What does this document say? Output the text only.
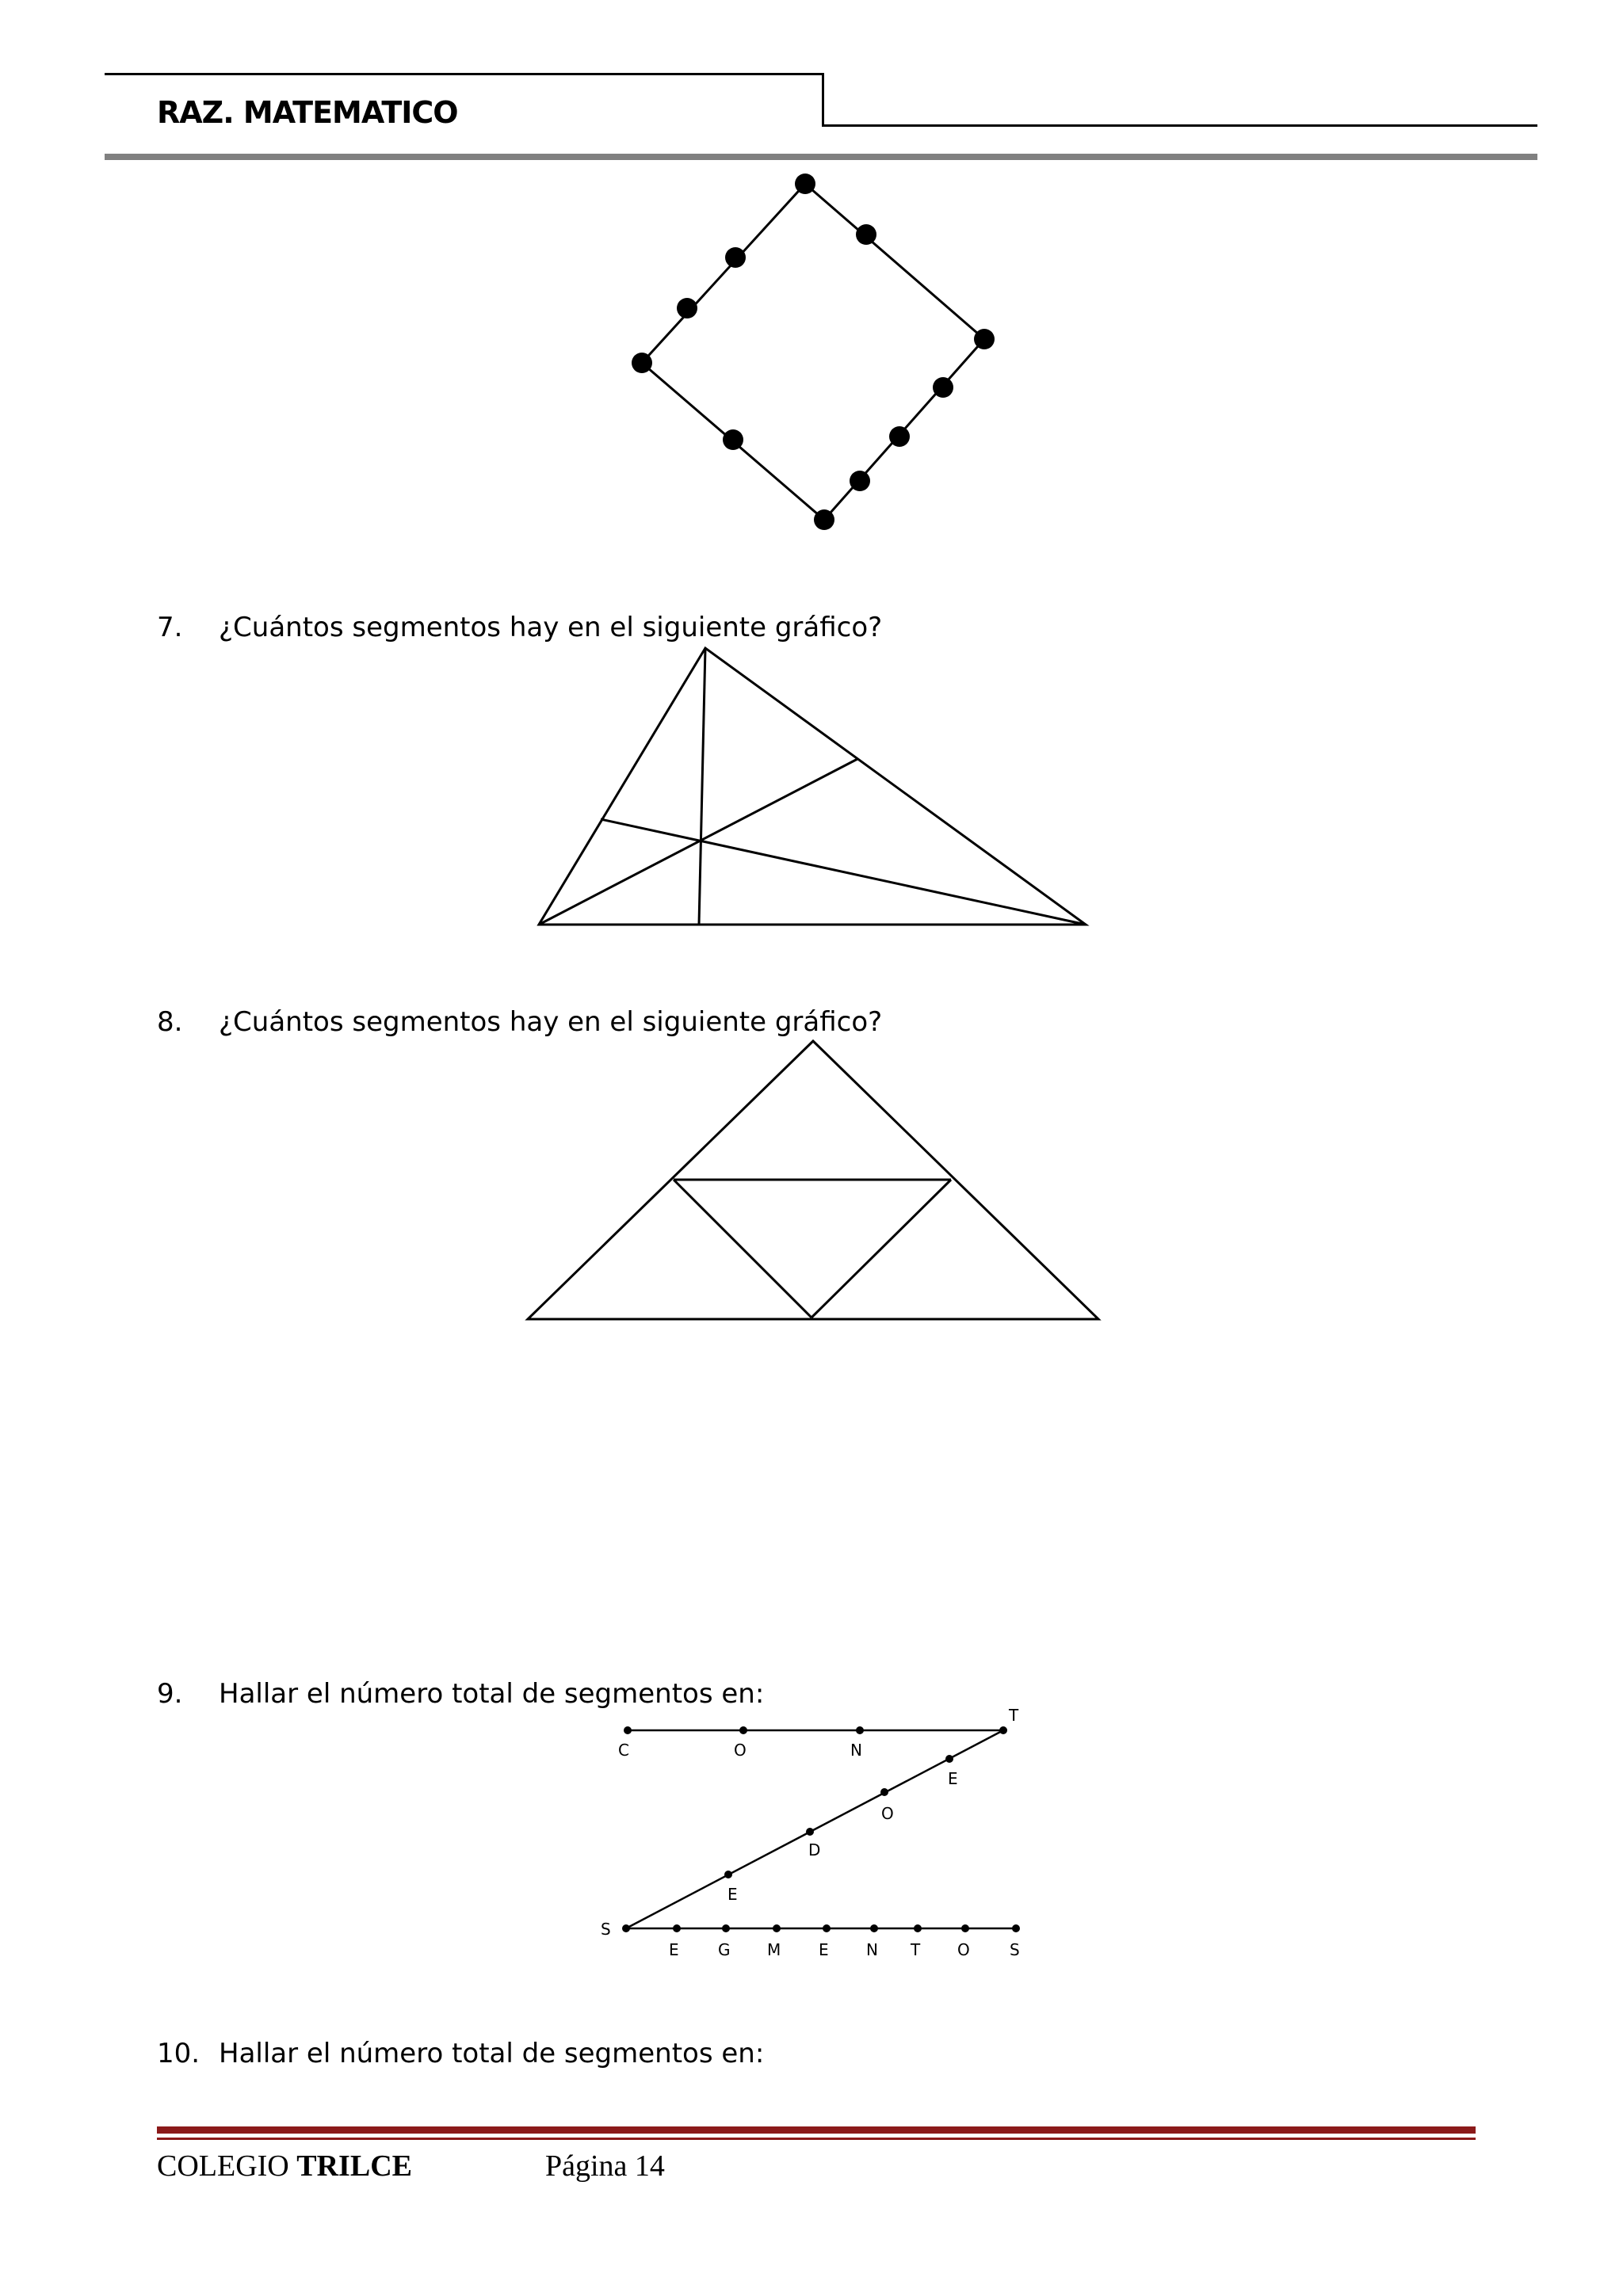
RAZ. MATEMATICO
C	O	N
T
E
O
D
E
S
E G M E N T O	S
7. ¿Cuántos segmentos hay en el siguiente gráfico?
8. ¿Cuántos segmentos hay en el siguiente gráfico?
9. Hallar el número total de segmentos en:
10. Hallar el número total de segmentos en:
COLEGIO TRILCE	Página 14
